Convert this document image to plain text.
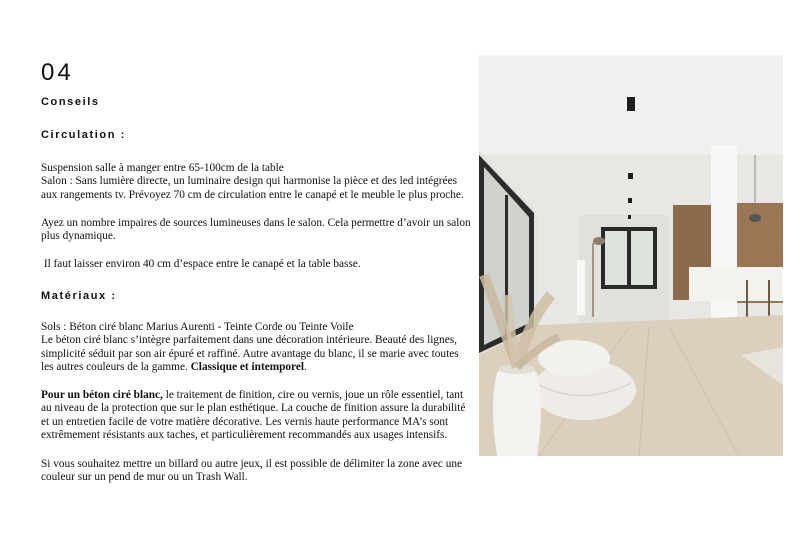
04
Conseils
Circulation :

Suspension salle à manger entre 65-100cm de la table

Salon : Sans lumière directe, un luminaire design qui harmonise la pièce et des led intégrées aux rangements tv. Prévoyez 70 cm de circulation entre le canapé et le meuble le plus proche.

Ayez un nombre impaires de sources lumineuses dans le salon. Cela permettre d’avoir un salon plus dynamique.

Il faut laisser environ 40 cm d’espace entre le canapé et la table basse.

Matériaux :

Sols : Béton ciré blanc Marius Aurenti - Teinte Corde ou Teinte Voile

Le béton ciré blanc s’intègre parfaitement dans une décoration intérieure. Beauté des lignes, simplicité séduit par son air épuré et raffiné. Autre avantage du blanc, il se marie avec toutes les autres couleurs de la gamme. Classique et intemporel.

Pour un béton ciré blanc, le traitement de finition, cire ou vernis, joue un rôle essentiel, tant au niveau de la protection que sur le plan esthétique. La couche de finition assure la durabilité et un entretien facile de votre matière décorative. Les vernis haute performance MA’s sont extrêmement résistants aux taches, et particulièrement recommandés aux usages intensifs.

Si vous souhaitez mettre un billard ou autre jeux, il est possible de délimiter la zone avec une couleur sur un pend de mur ou un Trash Wall.
